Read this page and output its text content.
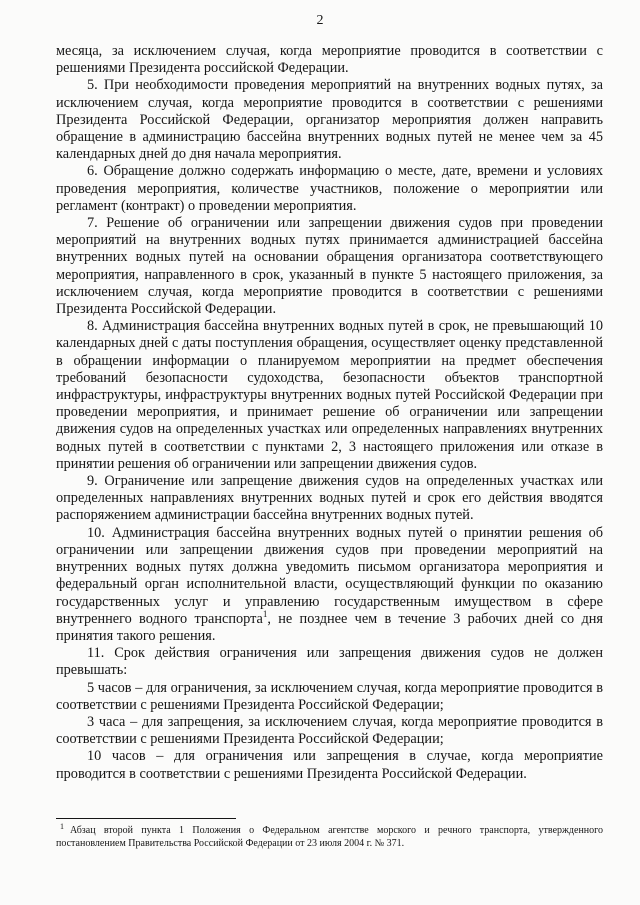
2

месяца, за исключением случая, когда мероприятие проводится в соответствии с решениями Президента российской Федерации.

5. При необходимости проведения мероприятий на внутренних водных путях, за исключением случая, когда мероприятие проводится в соответствии с решениями Президента Российской Федерации, организатор мероприятия должен направить обращение в администрацию бассейна внутренних водных путей не менее чем за 45 календарных дней до дня начала мероприятия.

6. Обращение должно содержать информацию о месте, дате, времени и условиях проведения мероприятия, количестве участников, положение о мероприятии или регламент (контракт) о проведении мероприятия.

7. Решение об ограничении или запрещении движения судов при проведении мероприятий на внутренних водных путях принимается администрацией бассейна внутренних водных путей на основании обращения организатора соответствующего мероприятия, направленного в срок, указанный в пункте 5 настоящего приложения, за исключением случая, когда мероприятие проводится в соответствии с решениями Президента Российской Федерации.

8. Администрация бассейна внутренних водных путей в срок, не превышающий 10 календарных дней с даты поступления обращения, осуществляет оценку представленной в обращении информации о планируемом мероприятии на предмет обеспечения требований безопасности судоходства, безопасности объектов транспортной инфраструктуры, инфраструктуры внутренних водных путей Российской Федерации при проведении мероприятия, и принимает решение об ограничении или запрещении движения судов на определенных участках или определенных направлениях внутренних водных путей в соответствии с пунктами 2, 3 настоящего приложения или отказе в принятии решения об ограничении или запрещении движения судов.

9. Ограничение или запрещение движения судов на определенных участках или определенных направлениях внутренних водных путей и срок его действия вводятся распоряжением администрации бассейна внутренних водных путей.

10. Администрация бассейна внутренних водных путей о принятии решения об ограничении или запрещении движения судов при проведении мероприятий на внутренних водных путях должна уведомить письмом организатора мероприятия и федеральный орган исполнительной власти, осуществляющий функции по оказанию государственных услуг и управлению государственным имуществом в сфере внутреннего водного транспорта$^1$, не позднее чем в течение 3 рабочих дней со дня принятия такого решения.

11. Срок действия ограничения или запрещения движения судов не должен превышать:

5 часов – для ограничения, за исключением случая, когда мероприятие проводится в соответствии с решениями Президента Российской Федерации;

3 часа – для запрещения, за исключением случая, когда мероприятие проводится в соответствии с решениями Президента Российской Федерации;

10 часов – для ограничения или запрещения в случае, когда мероприятие проводится в соответствии с решениями Президента Российской Федерации.

$^1$ Абзац второй пункта 1 Положения о Федеральном агентстве морского и речного транспорта, утвержденного постановлением Правительства Российской Федерации от 23 июля 2004 г. № 371.
